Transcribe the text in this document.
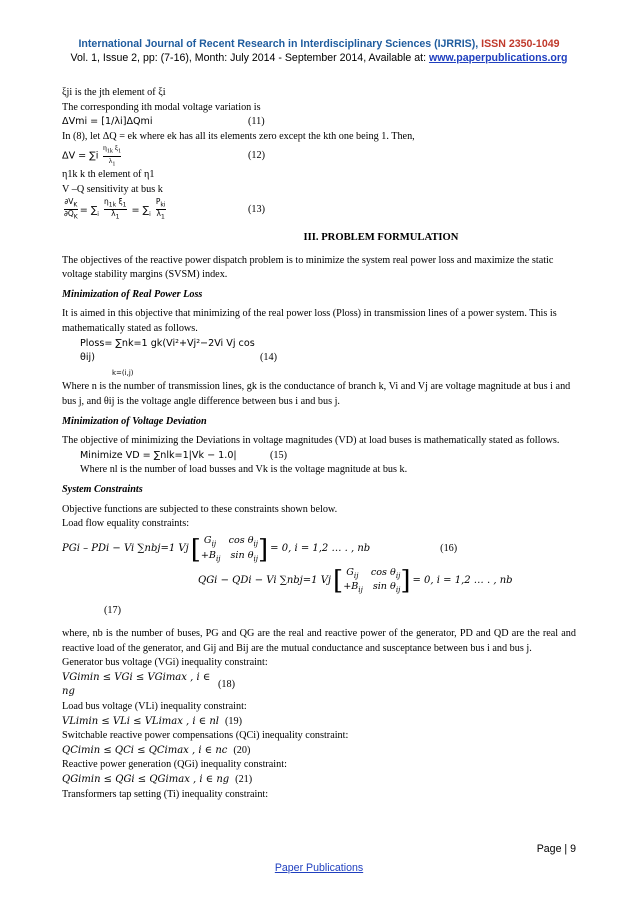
International Journal of Recent Research in Interdisciplinary Sciences (IJRRIS), ISSN 2350-1049
Vol. 1, Issue 2, pp: (7-16), Month: July 2014 - September 2014, Available at: www.paperpublications.org

ξji is the jth element of ξi

The corresponding ith modal voltage variation is

ΔVmi = [1/λi]ΔQmi	(11)

In (8), let ΔQ = ek where ek has all its elements zero except the kth one being 1. Then,

$\Delta V = \sum i \frac{\eta_{1k} \xi_1}{\lambda_1}$	(12)

η1k k th element of η1

V –Q sensitivity at bus k

$\frac{\partial V_K}{\partial Q_K} = \sum_i \frac{\eta_{1k} \xi_1}{\lambda_1} = \sum_i \frac{P_{ki}}{\lambda_1}$	(13)

III. PROBLEM FORMULATION

The objectives of the reactive power dispatch problem is to minimize the system real power loss and maximize the static voltage stability margins (SVSM) index.

Minimization of Real Power Loss

It is aimed in this objective that minimizing of the real power loss (Ploss) in transmission lines of a power system. This is mathematically stated as follows.

Ploss= ∑nk=1 gk(Vi²+Vj²−2Vi Vj cos θij)
k=(i,j)
(14)

Where n is the number of transmission lines, gk is the conductance of branch k, Vi and Vj are voltage magnitude at bus i and bus j, and θij is the voltage angle difference between bus i and bus j.

Minimization of Voltage Deviation

The objective of minimizing the Deviations in voltage magnitudes (VD) at load buses is mathematically stated as follows.

Minimize VD = ∑nlk=1|Vk − 1.0|	(15)

Where nl is the number of load busses and Vk is the voltage magnitude at bus k.

System Constraints

Objective functions are subjected to these constraints shown below.

Load flow equality constraints:

PGi – PDi − Vi ∑nbj=1 Vj [ $G_{ij}$ $\cos \theta_{ij}$
$+B_{ij}$ $\sin \theta_{ij}$ ] = 0, i = 1,2 … . , nb	(16)

QGi − QDi − Vi ∑nbj=1 Vj [ $G_{ij}$ $\cos \theta_{ij}$
$+B_{ij}$ $\sin \theta_{ij}$ ] = 0, i = 1,2 … . , nb

(17)

where, nb is the number of buses, PG and QG are the real and reactive power of the generator, PD and QD are the real and reactive load of the generator, and Gij and Bij are the mutual conductance and susceptance between bus i and bus j.

Generator bus voltage (VGi) inequality constraint:

VGimin ≤ VGi ≤ VGimax , i ∈ ng
(18)

Load bus voltage (VLi) inequality constraint:

VLimin ≤ VLi ≤ VLimax , i ∈ nl (19)

Switchable reactive power compensations (QCi) inequality constraint:

QCimin ≤ QCi ≤ QCimax , i ∈ nc (20)

Reactive power generation (QGi) inequality constraint:

QGimin ≤ QGi ≤ QGimax , i ∈ ng (21)

Transformers tap setting (Ti) inequality constraint:

Page | 9
Paper Publications
